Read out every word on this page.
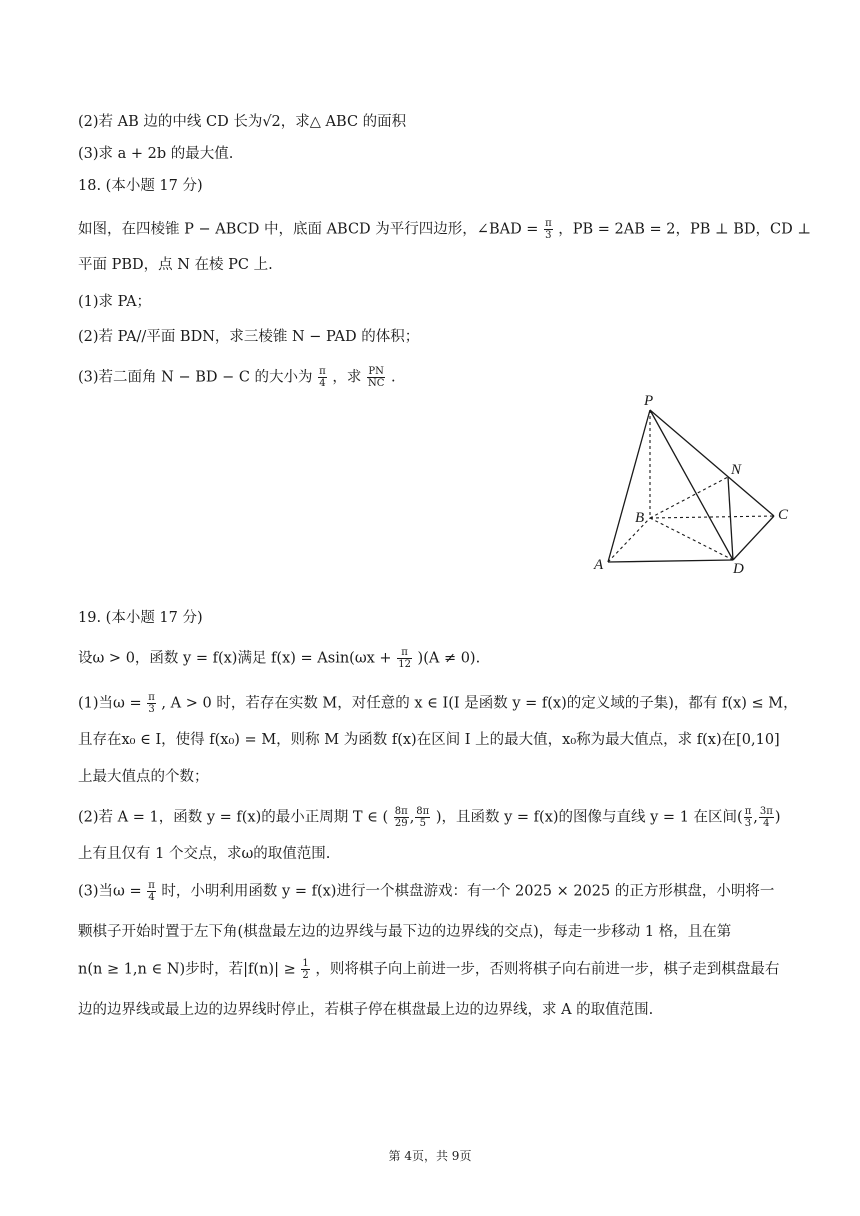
(2)若 AB 边的中线 CD 长为√2，求△ ABC 的面积
(3)求 a + 2b 的最大值.
18. (本小题 17 分)
如图，在四棱锥 P − ABCD 中，底面 ABCD 为平行四边形，∠BAD = $\frac{\pi}{3}$ ，PB = 2AB = 2，PB ⊥ BD，CD ⊥
平面 PBD，点 N 在棱 PC 上.
(1)求 PA；
(2)若 PA//平面 BDN，求三棱锥 N − PAD 的体积；
(3)若二面角 N − BD − C 的大小为 $\frac{\pi}{4}$ ，求 $\frac{PN}{NC}$ .
P
N
B	C
A	D
19. (本小题 17 分)
设ω > 0，函数 y = f(x)满足 $f(x) = Asin(\omega x + \frac{\pi}{12} )(A \ne 0)$.
(1)当$\omega = \frac{\pi}{3}$ , A > 0 时，若存在实数 M，对任意的 x ∈ I(I 是函数 y = f(x)的定义域的子集)，都有 f(x) ≤ M，
且存在x₀ ∈ I，使得 f(x₀) = M，则称 M 为函数 f(x)在区间 I 上的最大值，x₀称为最大值点，求 f(x)在[0,10]
上最大值点的个数；
(2)若 A = 1，函数 y = f(x)的最小正周期 T ∈ ( $\frac{8\pi}{29}$ , $\frac{8\pi}{5}$ )，且函数 y = f(x)的图像与直线 y = 1 在区间( $\frac{\pi}{3}$ , $\frac{3\pi}{4}$ )
上有且仅有 1 个交点，求ω的取值范围.
(3)当$\omega = \frac{\pi}{4}$ 时，小明利用函数 y = f(x)进行一个棋盘游戏：有一个 2025 × 2025 的正方形棋盘，小明将一
颗棋子开始时置于左下角(棋盘最左边的边界线与最下边的边界线的交点)，每走一步移动 1 格，且在第
n(n ≥ 1,n ∈ N)步时，若$|f(n)| \ge \frac{1}{2}$ ，则将棋子向上前进一步，否则将棋子向右前进一步，棋子走到棋盘最右
边的边界线或最上边的边界线时停止，若棋子停在棋盘最上边的边界线，求 A 的取值范围.
第 4页，共 9页
